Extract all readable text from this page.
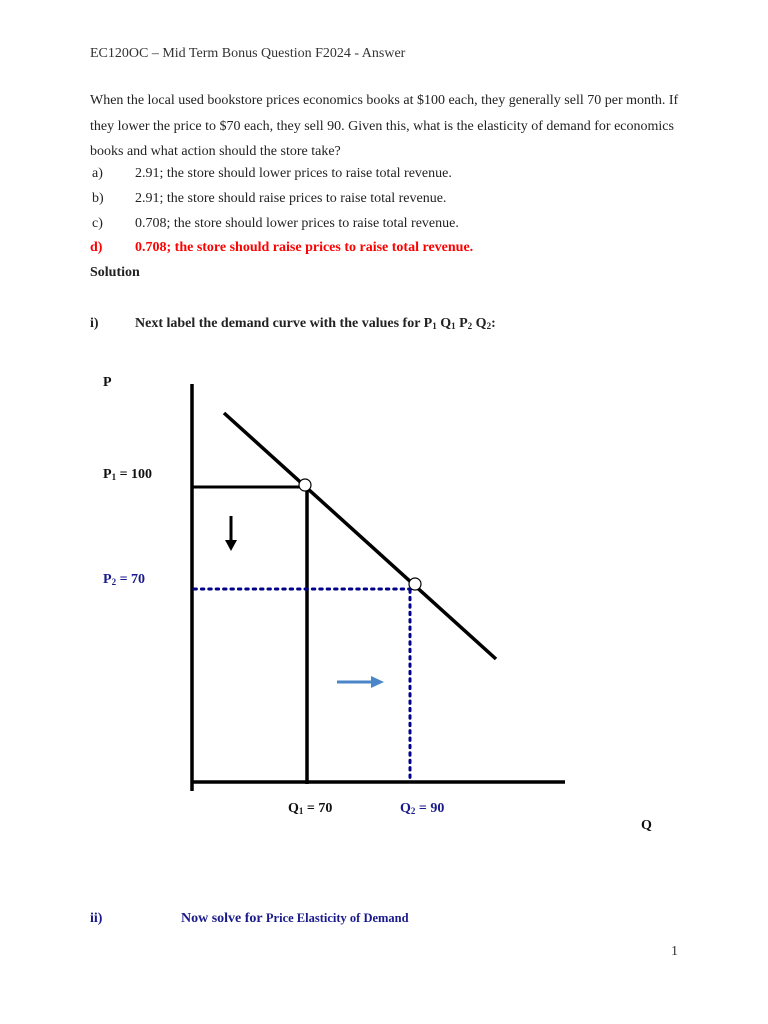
EC120OC – Mid Term Bonus Question F2024 - Answer
When the local used bookstore prices economics books at $100 each, they generally sell 70 per month. If they lower the price to $70 each, they sell 90. Given this, what is the elasticity of demand for economics books and what action should the store take?
a) 2.91; the store should lower prices to raise total revenue.
b) 2.91; the store should raise prices to raise total revenue.
c) 0.708; the store should lower prices to raise total revenue.
d) 0.708; the store should raise prices to raise total revenue.
Solution
i)	Next label the demand curve with the values for $P_1$ $Q_1$ $P_2$ $Q_2$:
P
$P_1 = 100$
$P_2 = 70$
$Q_1 = 70$	$Q_2 = 90$
Q
ii)	Now solve for Price Elasticity of Demand
1
